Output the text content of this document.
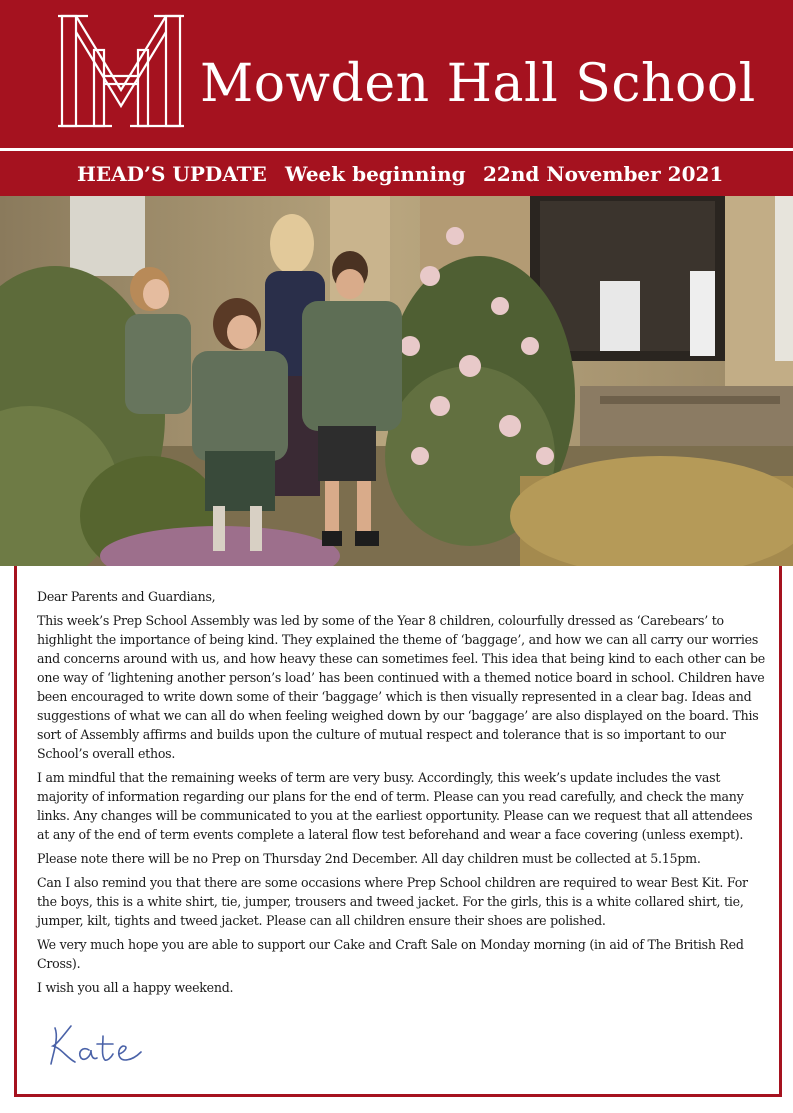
Mowden Hall School
HEAD’S UPDATE Week beginning 22nd November 2021

Dear Parents and Guardians,

This week’s Prep School Assembly was led by some of the Year 8 children, colourfully dressed as ‘Carebears’ to highlight the importance of being kind. They explained the theme of ‘baggage’, and how we can all carry our worries and concerns around with us, and how heavy these can sometimes feel. This idea that being kind to each other can be one way of ‘lightening another person’s load’ has been continued with a themed notice board in school. Children have been encouraged to write down some of their ‘baggage’ which is then visually represented in a clear bag. Ideas and suggestions of what we can all do when feeling weighed down by our ‘baggage’ are also displayed on the board. This sort of Assembly affirms and builds upon the culture of mutual respect and tolerance that is so important to our School’s overall ethos.

I am mindful that the remaining weeks of term are very busy. Accordingly, this week’s update includes the vast majority of information regarding our plans for the end of term. Please can you read carefully, and check the many links. Any changes will be communicated to you at the earliest opportunity. Please can we request that all attendees at any of the end of term events complete a lateral flow test beforehand and wear a face covering (unless exempt).

Please note there will be no Prep on Thursday 2nd December. All day children must be collected at 5.15pm.

Can I also remind you that there are some occasions where Prep School children are required to wear Best Kit. For the boys, this is a white shirt, tie, jumper, trousers and tweed jacket. For the girls, this is a white collared shirt, tie, jumper, kilt, tights and tweed jacket. Please can all children ensure their shoes are polished.

We very much hope you are able to support our Cake and Craft Sale on Monday morning (in aid of The British Red Cross).

I wish you all a happy weekend.
